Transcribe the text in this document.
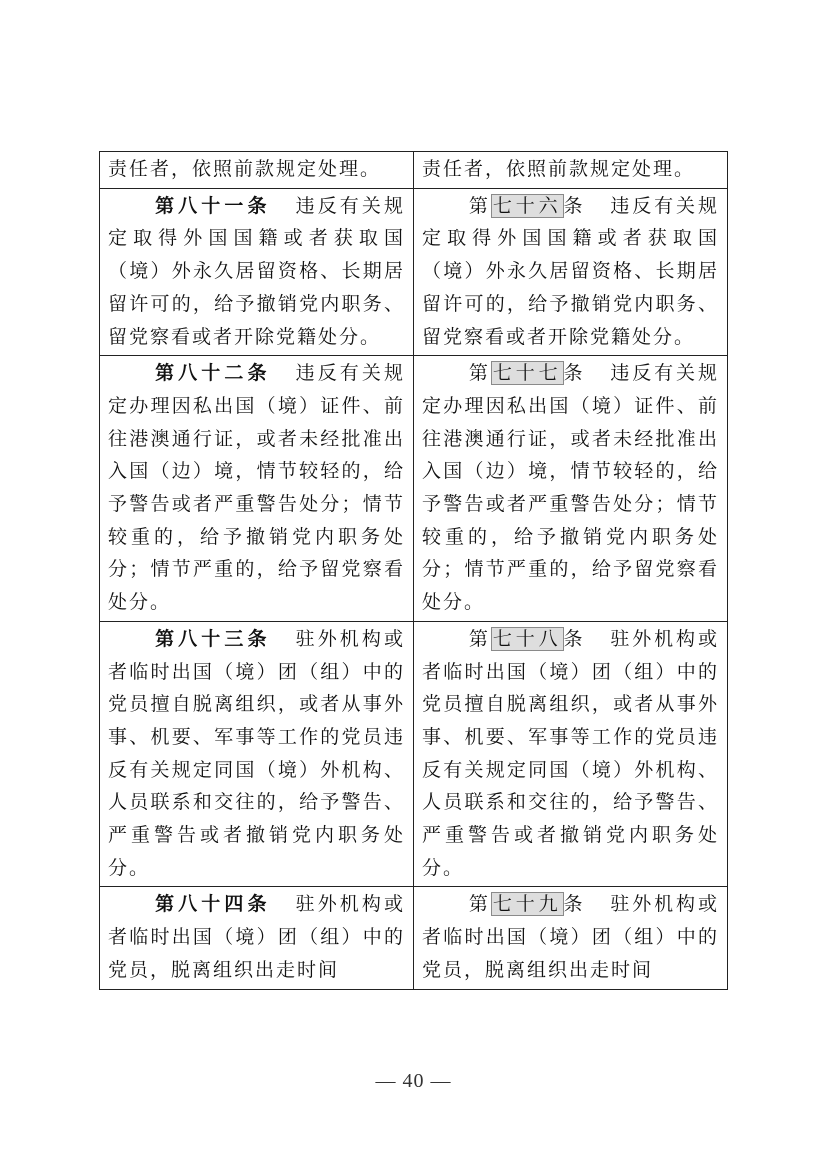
责任者，依照前款规定处理。	责任者，依照前款规定处理。
第八十一条 违反有关规定取得外国国籍或者获取国（境）外永久居留资格、长期居留许可的，给予撤销党内职务、留党察看或者开除党籍处分。	第 七十六 条 违反有关规定取得外国国籍或者获取国（境）外永久居留资格、长期居留许可的，给予撤销党内职务、留党察看或者开除党籍处分。
第八十二条 违反有关规定办理因私出国（境）证件、前往港澳通行证，或者未经批准出入国（边）境，情节较轻的，给予警告或者严重警告处分；情节较重的，给予撤销党内职务处分；情节严重的，给予留党察看处分。	第 七十七 条 违反有关规定办理因私出国（境）证件、前往港澳通行证，或者未经批准出入国（边）境，情节较轻的，给予警告或者严重警告处分；情节较重的，给予撤销党内职务处分；情节严重的，给予留党察看处分。
第八十三条 驻外机构或者临时出国（境）团（组）中的党员擅自脱离组织，或者从事外事、机要、军事等工作的党员违反有关规定同国（境）外机构、人员联系和交往的，给予警告、严重警告或者撤销党内职务处分。	第 七十八 条 驻外机构或者临时出国（境）团（组）中的党员擅自脱离组织，或者从事外事、机要、军事等工作的党员违反有关规定同国（境）外机构、人员联系和交往的，给予警告、严重警告或者撤销党内职务处分。
第八十四条 驻外机构或者临时出国（境）团（组）中的党员，脱离组织出走时间	第 七十九 条 驻外机构或者临时出国（境）团（组）中的党员，脱离组织出走时间
— 40 —
